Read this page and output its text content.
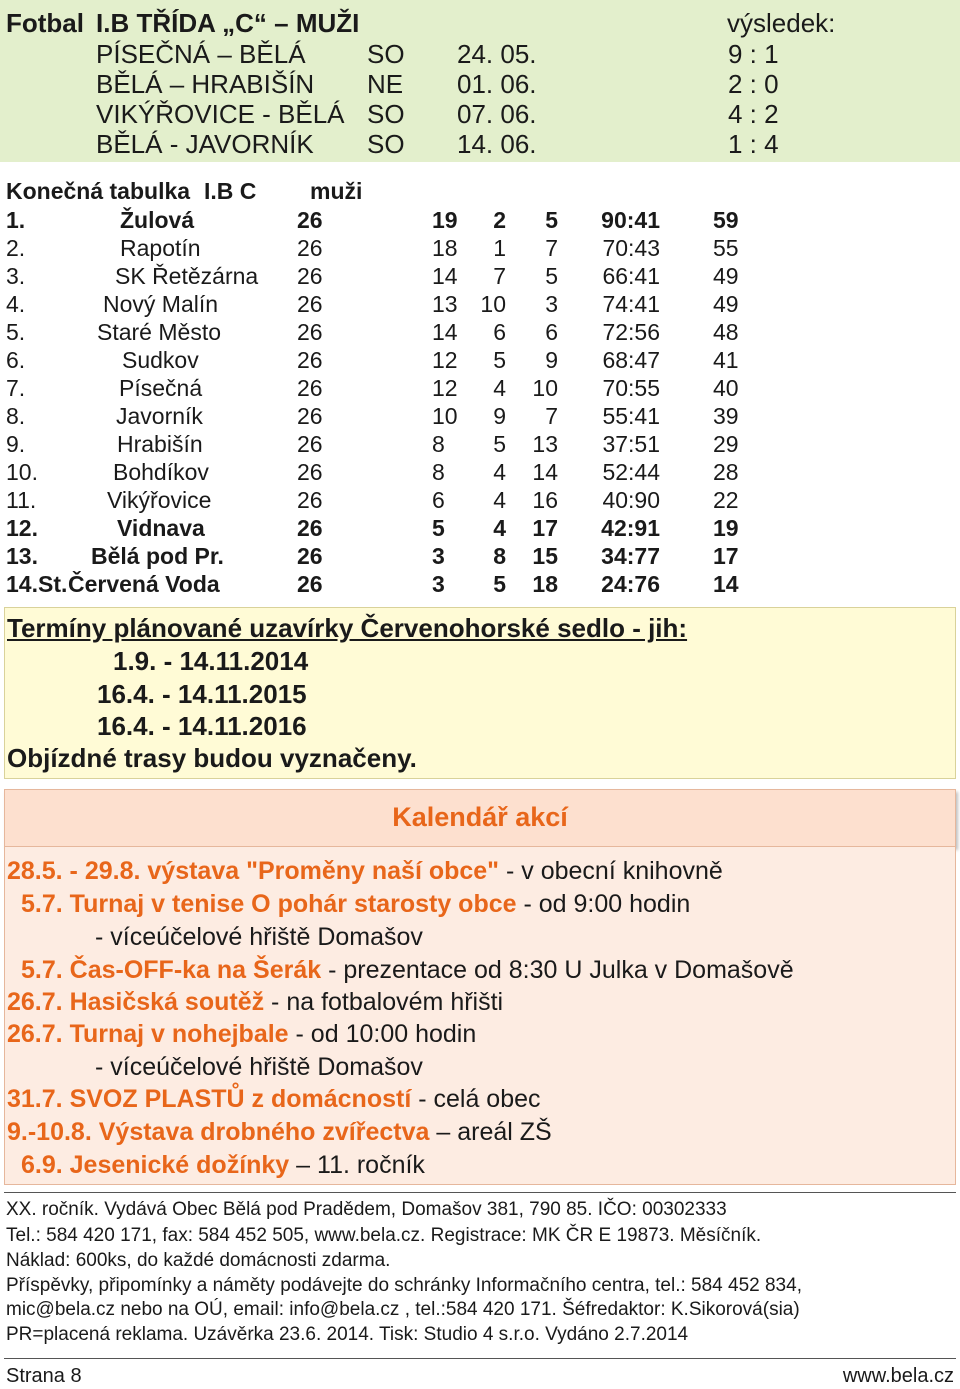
Fotbal I.B TŘÍDA „C“ – MUŽI	výsledek:
PÍSEČNÁ – BĚLÁ SO 24. 05.	9 : 1
BĚLÁ – HRABIŠÍN NE 01. 06.	2 : 0
VIKÝŘOVICE - BĚLÁ SO 07. 06.	4 : 2
BĚLÁ - JAVORNÍK SO 14. 06.	1 : 4
Konečná tabulka I.B C muži
1.	Žulová	26	19 2 5 90:41 59
2.	Rapotín	26	18 1 7 70:43 55
3.	SK Řetězárna 26	14 7 5 66:41 49
4.	Nový Malín	26	13 10 3 74:41 49
5.	Staré Město	26	14 6 6 72:56 48
6.	Sudkov	26	12 5 9 68:47 41
7.	Písečná	26	12 4 10 70:55 40
8.	Javorník	26	10 9 7 55:41 39
9.	Hrabišín	26	8 5 13 37:51 29
10.	Bohdíkov	26	8 4 14 52:44 28
11.	Vikýřovice	26	6 4 16 40:90 22
12.	Vidnava	26	5 4 17 42:91 19
13. Bělá pod Pr.	26	3 8 15 34:77 17
14.St. Červená Voda	26	3 5 18 24:76 14
Termíny plánované uzavírky Červenohorské sedlo - jih:
1.9. - 14.11.2014
16.4. - 14.11.2015
16.4. - 14.11.2016
Objízdné trasy budou vyznačeny.
Kalendář akcí
28.5. - 29.8. výstava "Proměny naší obce" - v obecní knihovně
5.7. Turnaj v tenise O pohár starosty obce - od 9:00 hodin
- víceúčelové hřiště Domašov
5.7. Čas-OFF-ka na Šerák - prezentace od 8:30 U Julka v Domašově
26.7. Hasičská soutěž - na fotbalovém hřišti
26.7. Turnaj v nohejbale - od 10:00 hodin
- víceúčelové hřiště Domašov
31.7. SVOZ PLASTŮ z domácností - celá obec
9.-10.8. Výstava drobného zvířectva – areál ZŠ
6.9. Jesenické dožínky – 11. ročník
XX. ročník. Vydává Obec Bělá pod Pradědem, Domašov 381, 790 85. IČO: 00302333
Tel.: 584 420 171, fax: 584 452 505, www.bela.cz. Registrace: MK ČR E 19873. Měsíčník.
Náklad: 600ks, do každé domácnosti zdarma.
Příspěvky, připomínky a náměty podávejte do schránky Informačního centra, tel.: 584 452 834,
mic@bela.cz nebo na OÚ, email: info@bela.cz , tel.:584 420 171. Šéfredaktor: K.Sikorová(sia)
PR=placená reklama. Uzávěrka 23.6. 2014. Tisk: Studio 4 s.r.o. Vydáno 2.7.2014
Strana 8	www.bela.cz
